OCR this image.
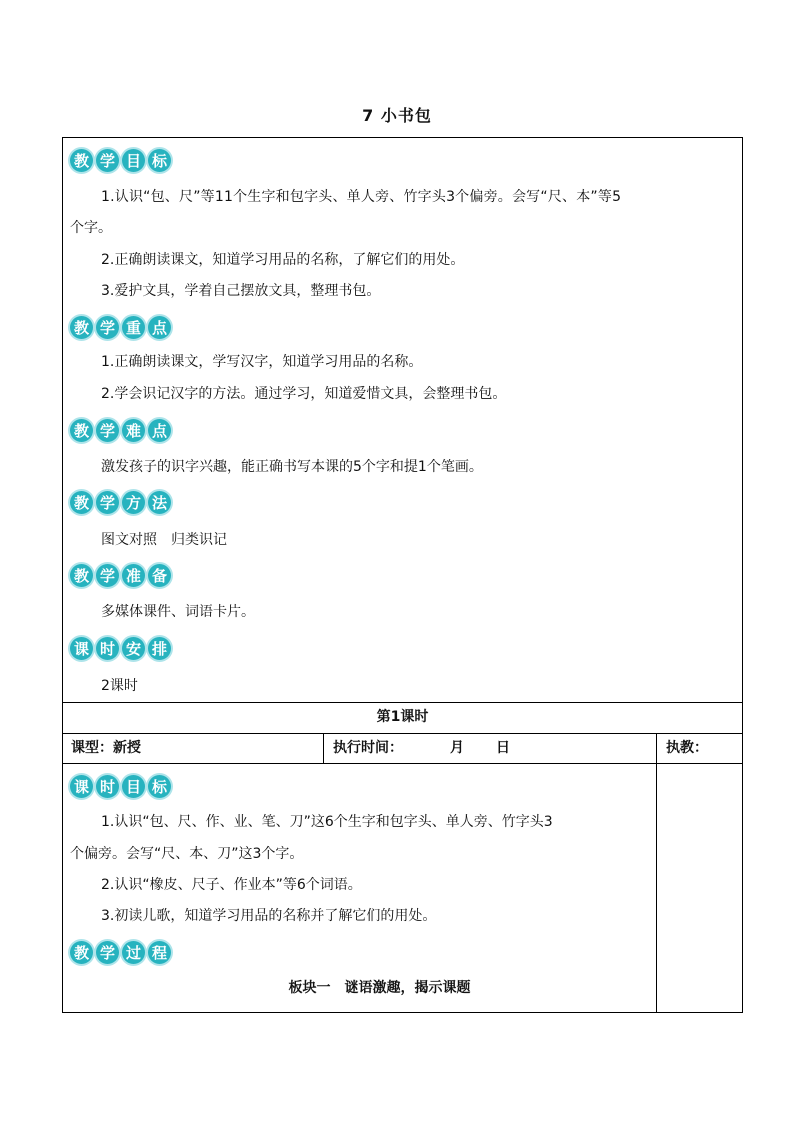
7 小书包
教 学 目 标
1.认识“包、尺”等11个生字和包字头、单人旁、竹字头3个偏旁。会写“尺、本”等5
个字。
2.正确朗读课文，知道学习用品的名称，了解它们的用处。
3.爱护文具，学着自己摆放文具，整理书包。
教 学 重 点
1.正确朗读课文，学写汉字，知道学习用品的名称。
2.学会识记汉字的方法。通过学习，知道爱惜文具，会整理书包。
教 学 难 点
激发孩子的识字兴趣，能正确书写本课的5个字和提1个笔画。
教 学 方 法
图文对照　归类识记
教 学 准 备
多媒体课件、词语卡片。
课 时 安 排
2课时
第1课时
课型：新授	执行时间：	月 日	执教：
课 时 目 标
1.认识“包、尺、作、业、笔、刀”这6个生字和包字头、单人旁、竹字头3
个偏旁。会写“尺、本、刀”这3个字。
2.认识“橡皮、尺子、作业本”等6个词语。
3.初读儿歌，知道学习用品的名称并了解它们的用处。
教 学 过 程
板块一　谜语激趣，揭示课题
